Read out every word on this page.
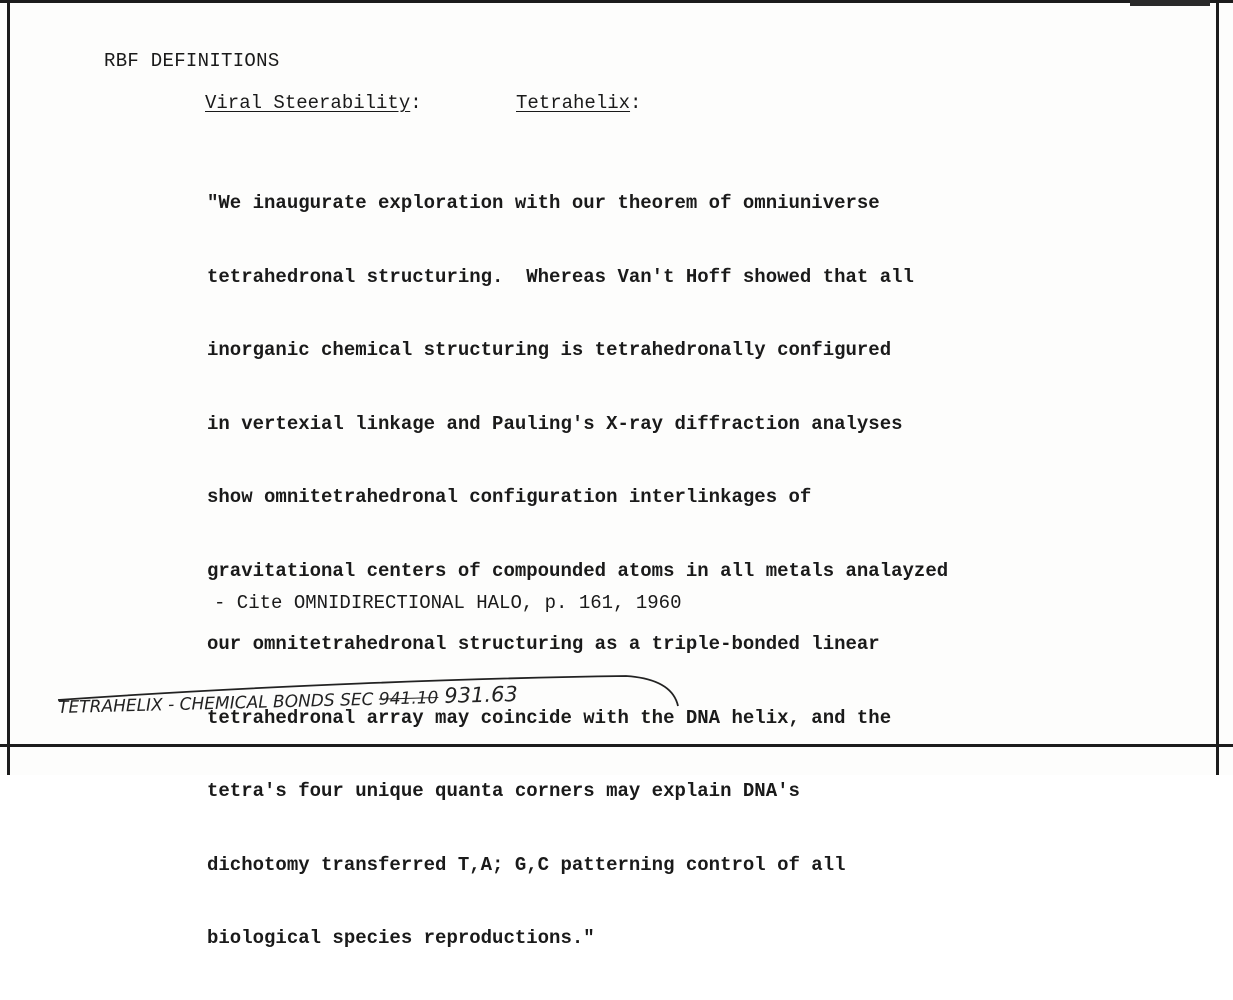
RBF DEFINITIONS
Viral Steerability:	Tetrahelix:

"We inaugurate exploration with our theorem of omniuniverse

tetrahedronal structuring.  Whereas Van't Hoff showed that all

inorganic chemical structuring is tetrahedronally configured

in vertexial linkage and Pauling's X-ray diffraction analyses

show omnitetrahedronal configuration interlinkages of

gravitational centers of compounded atoms in all metals analayzed

our omnitetrahedronal structuring as a triple-bonded linear

tetrahedronal array may coincide with the DNA helix, and the

tetra's four unique quanta corners may explain DNA's

dichotomy transferred T,A; G,C patterning control of all

biological species reproductions."

- Cite OMNIDIRECTIONAL HALO, p. 161, 1960
TETRAHELIX - CHEMICAL BONDS SEC 941.10 931.63
